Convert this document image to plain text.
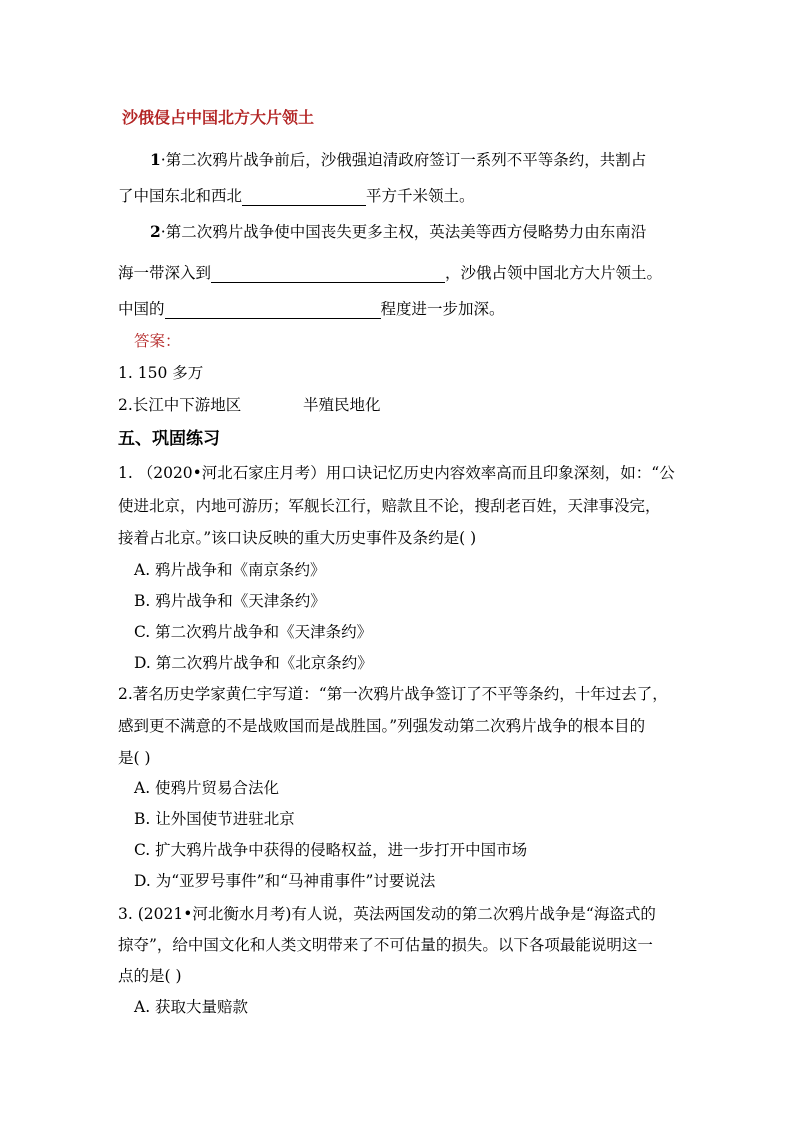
沙俄侵占中国北方大片领土
1·第二次鸦片战争前后，沙俄强迫清政府签订一系列不平等条约，共割占
了中国东北和西北	平方千米领土。
2·第二次鸦片战争使中国丧失更多主权，英法美等西方侵略势力由东南沿
海一带深入到	，沙俄占领中国北方大片领土。
中国的	程度进一步加深。
答案：
1. 150 多万
2.长江中下游地区	半殖民地化
五、巩固练习
1. （2020•河北石家庄月考）用口诀记忆历史内容效率高而且印象深刻，如：“公
使进北京，内地可游历；军舰长江行，赔款且不论，搜刮老百姓，天津事没完，
接着占北京。”该口诀反映的重大历史事件及条约是( )
A. 鸦片战争和《南京条约》
B. 鸦片战争和《天津条约》
C. 第二次鸦片战争和《天津条约》
D. 第二次鸦片战争和《北京条约》
2.著名历史学家黄仁宇写道：“第一次鸦片战争签订了不平等条约，十年过去了，
感到更不满意的不是战败国而是战胜国。”列强发动第二次鸦片战争的根本目的
是( )
A. 使鸦片贸易合法化
B. 让外国使节进驻北京
C. 扩大鸦片战争中获得的侵略权益，进一步打开中国市场
D. 为“亚罗号事件”和“马神甫事件”讨要说法
3. (2021•河北衡水月考)有人说，英法两国发动的第二次鸦片战争是“海盗式的
掠夺”，给中国文化和人类文明带来了不可估量的损失。以下各项最能说明这一
点的是( )
A. 获取大量赔款
